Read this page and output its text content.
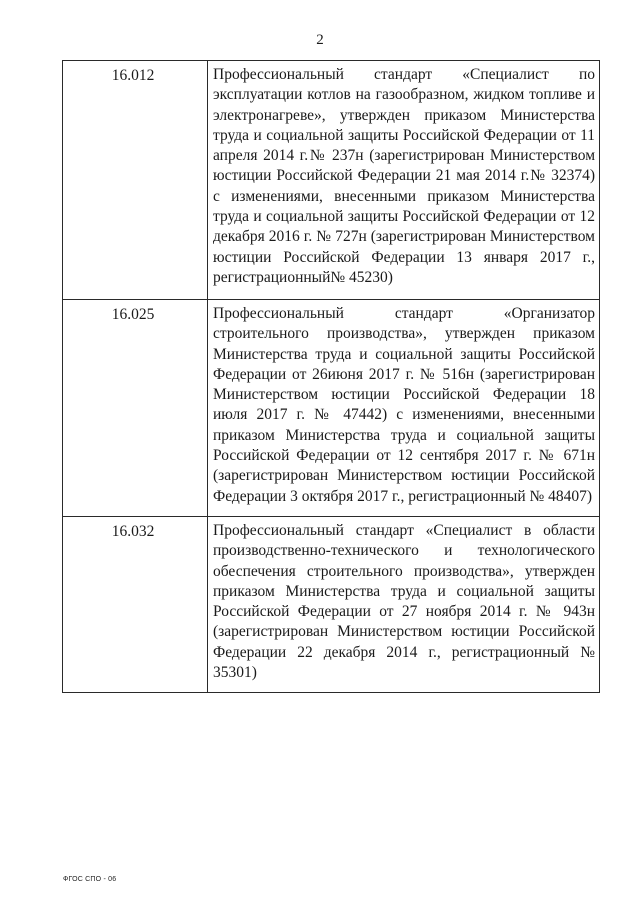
2
16.012	Профессиональный стандарт «Специалист по эксплуатации котлов на газообразном, жидком топливе и электронагреве», утвержден приказом Министерства труда и социальной защиты Российской Федерации от 11 апреля 2014 г.№ 237н (зарегистрирован Министерством юстиции Российской Федерации 21 мая 2014 г.№ 32374) с изменениями, внесенными приказом Министерства труда и социальной защиты Российской Федерации от 12 декабря 2016 г. № 727н (зарегистрирован Министерством юстиции Российской Федерации 13 января 2017 г., регистрационный№ 45230)
16.025	Профессиональный стандарт «Организатор строительного производства», утвержден приказом Министерства труда и социальной защиты Российской Федерации от 26июня 2017 г. № 516н (зарегистрирован Министерством юстиции Российской Федерации 18 июля 2017 г. № 47442) с изменениями, внесенными приказом Министерства труда и социальной защиты Российской Федерации от 12 сентября 2017 г. № 671н (зарегистрирован Министерством юстиции Российской Федерации 3 октября 2017 г., регистрационный № 48407)
16.032	Профессиональный стандарт «Специалист в области производственно-технического и технологического обеспечения строительного производства», утвержден приказом Министерства труда и социальной защиты Российской Федерации от 27 ноября 2014 г. № 943н (зарегистрирован Министерством юстиции Российской Федерации 22 декабря 2014 г., регистрационный № 35301)
ФГОС СПО - 06
